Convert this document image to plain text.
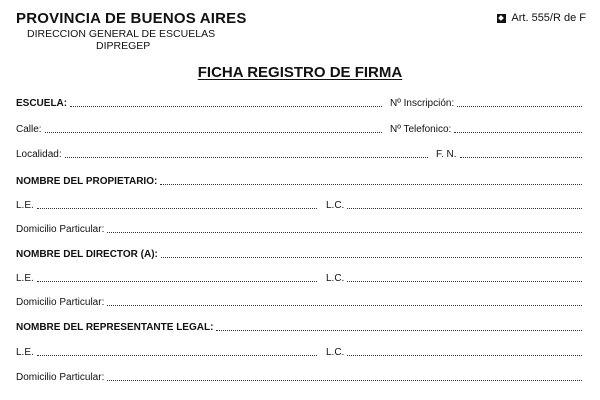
PROVINCIA DE BUENOS AIRES
DIRECCION GENERAL DE ESCUELAS
DIPREGEP
Art. 555/R de F
FICHA REGISTRO DE FIRMA
ESCUELA:	Nº Inscripción:
Calle:	Nº Telefonico:
Localidad:	F. N.
NOMBRE DEL PROPIETARIO:
L.E.	L.C.
Domicilio Particular:
NOMBRE DEL DIRECTOR (A):
L.E.	L.C.
Domicilio Particular:
NOMBRE DEL REPRESENTANTE LEGAL:
L.E.	L.C.
Domicilio Particular:
